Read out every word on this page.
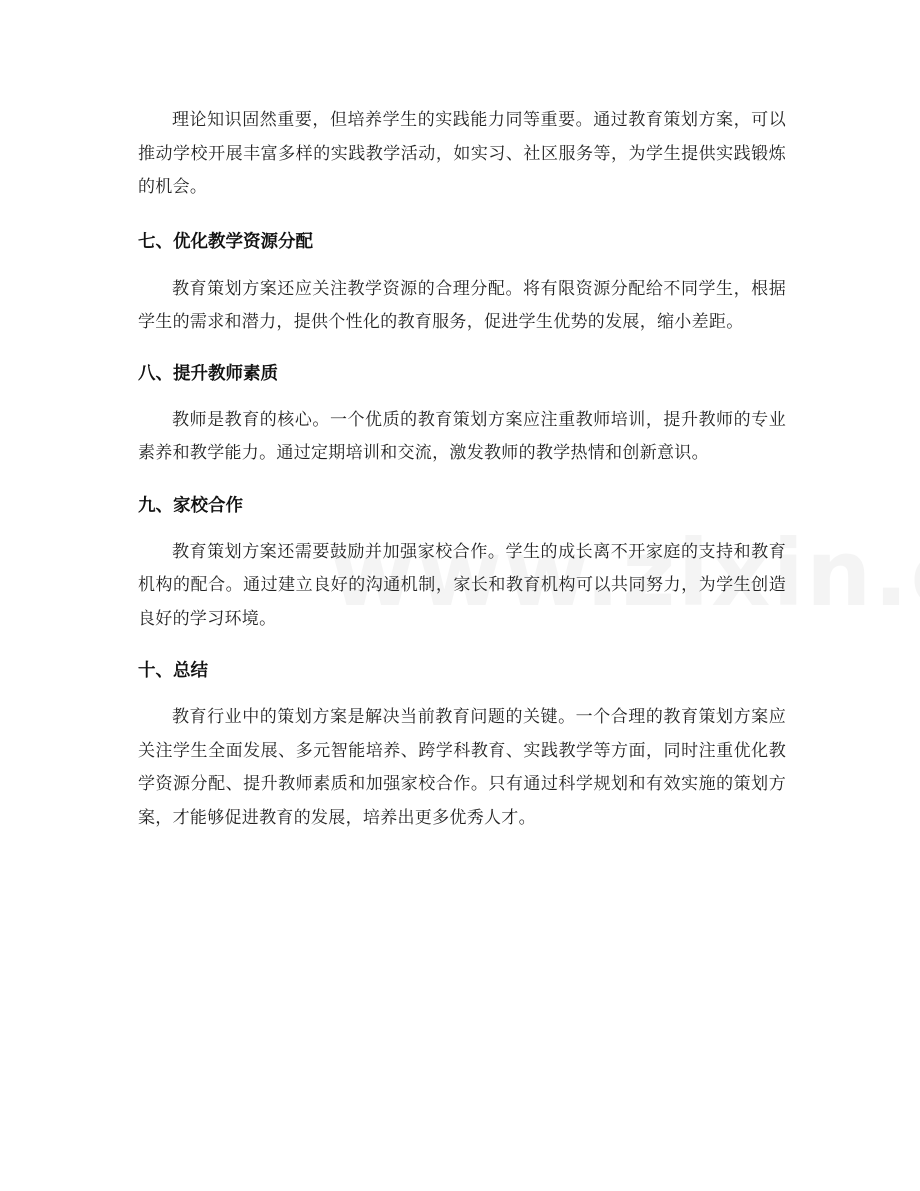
理论知识固然重要，但培养学生的实践能力同等重要。通过教育策划方案，可以推动学校开展丰富多样的实践教学活动，如实习、社区服务等，为学生提供实践锻炼的机会。

七、优化教学资源分配

教育策划方案还应关注教学资源的合理分配。将有限资源分配给不同学生，根据学生的需求和潜力，提供个性化的教育服务，促进学生优势的发展，缩小差距。

八、提升教师素质

教师是教育的核心。一个优质的教育策划方案应注重教师培训，提升教师的专业素养和教学能力。通过定期培训和交流，激发教师的教学热情和创新意识。

九、家校合作

教育策划方案还需要鼓励并加强家校合作。学生的成长离不开家庭的支持和教育机构的配合。通过建立良好的沟通机制，家长和教育机构可以共同努力，为学生创造良好的学习环境。

十、总结

教育行业中的策划方案是解决当前教育问题的关键。一个合理的教育策划方案应关注学生全面发展、多元智能培养、跨学科教育、实践教学等方面，同时注重优化教学资源分配、提升教师素质和加强家校合作。只有通过科学规划和有效实施的策划方案，才能够促进教育的发展，培养出更多优秀人才。
